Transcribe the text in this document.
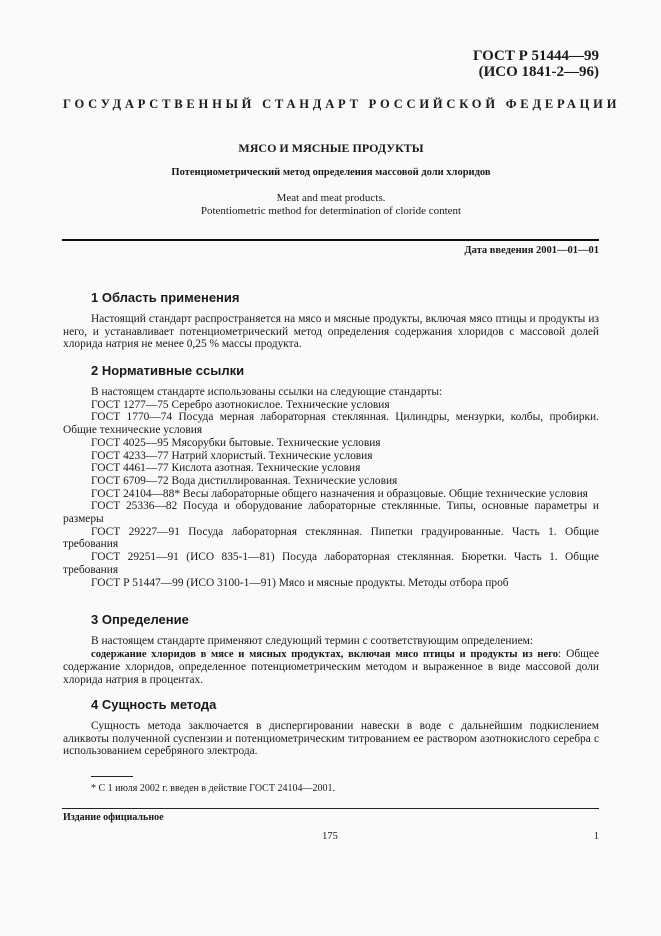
ГОСТ Р 51444—99
(ИСО 1841-2—96)
ГОСУДАРСТВЕННЫЙ СТАНДАРТ РОССИЙСКОЙ ФЕДЕРАЦИИ
МЯСО И МЯСНЫЕ ПРОДУКТЫ
Потенциометрический метод определения массовой доли хлоридов
Meat and meat products.
Potentiometric method for determination of cloride content
Дата введения 2001—01—01
1 Область применения
Настоящий стандарт распространяется на мясо и мясные продукты, включая мясо птицы и продукты из него, и устанавливает потенциометрический метод определения содержания хлоридов с массовой долей хлорида натрия не менее 0,25 % массы продукта.
2 Нормативные ссылки
В настоящем стандарте использованы ссылки на следующие стандарты:
ГОСТ 1277—75 Серебро азотнокислое. Технические условия
ГОСТ 1770—74 Посуда мерная лабораторная стеклянная. Цилиндры, мензурки, колбы, пробирки. Общие технические условия
ГОСТ 4025—95 Мясорубки бытовые. Технические условия
ГОСТ 4233—77 Натрий хлористый. Технические условия
ГОСТ 4461—77 Кислота азотная. Технические условия
ГОСТ 6709—72 Вода дистиллированная. Технические условия
ГОСТ 24104—88* Весы лабораторные общего назначения и образцовые. Общие технические условия
ГОСТ 25336—82 Посуда и оборудование лабораторные стеклянные. Типы, основные параметры и размеры
ГОСТ 29227—91 Посуда лабораторная стеклянная. Пипетки градуированные. Часть 1. Общие требования
ГОСТ 29251—91 (ИСО 835-1—81) Посуда лабораторная стеклянная. Бюретки. Часть 1. Общие требования
ГОСТ Р 51447—99 (ИСО 3100-1—91) Мясо и мясные продукты. Методы отбора проб
3 Определение
В настоящем стандарте применяют следующий термин с соответствующим определением:
содержание хлоридов в мясе и мясных продуктах, включая мясо птицы и продукты из него: Общее содержание хлоридов, определенное потенциометрическим методом и выраженное в виде массовой доли хлорида натрия в процентах.
4 Сущность метода
Сущность метода заключается в диспергировании навески в воде с дальнейшим подкислением аликвоты полученной суспензии и потенциометрическим титрованием ее раствором азотнокислого серебра с использованием серебряного электрода.
* С 1 июля 2002 г. введен в действие ГОСТ 24104—2001.
Издание официальное
175	1
